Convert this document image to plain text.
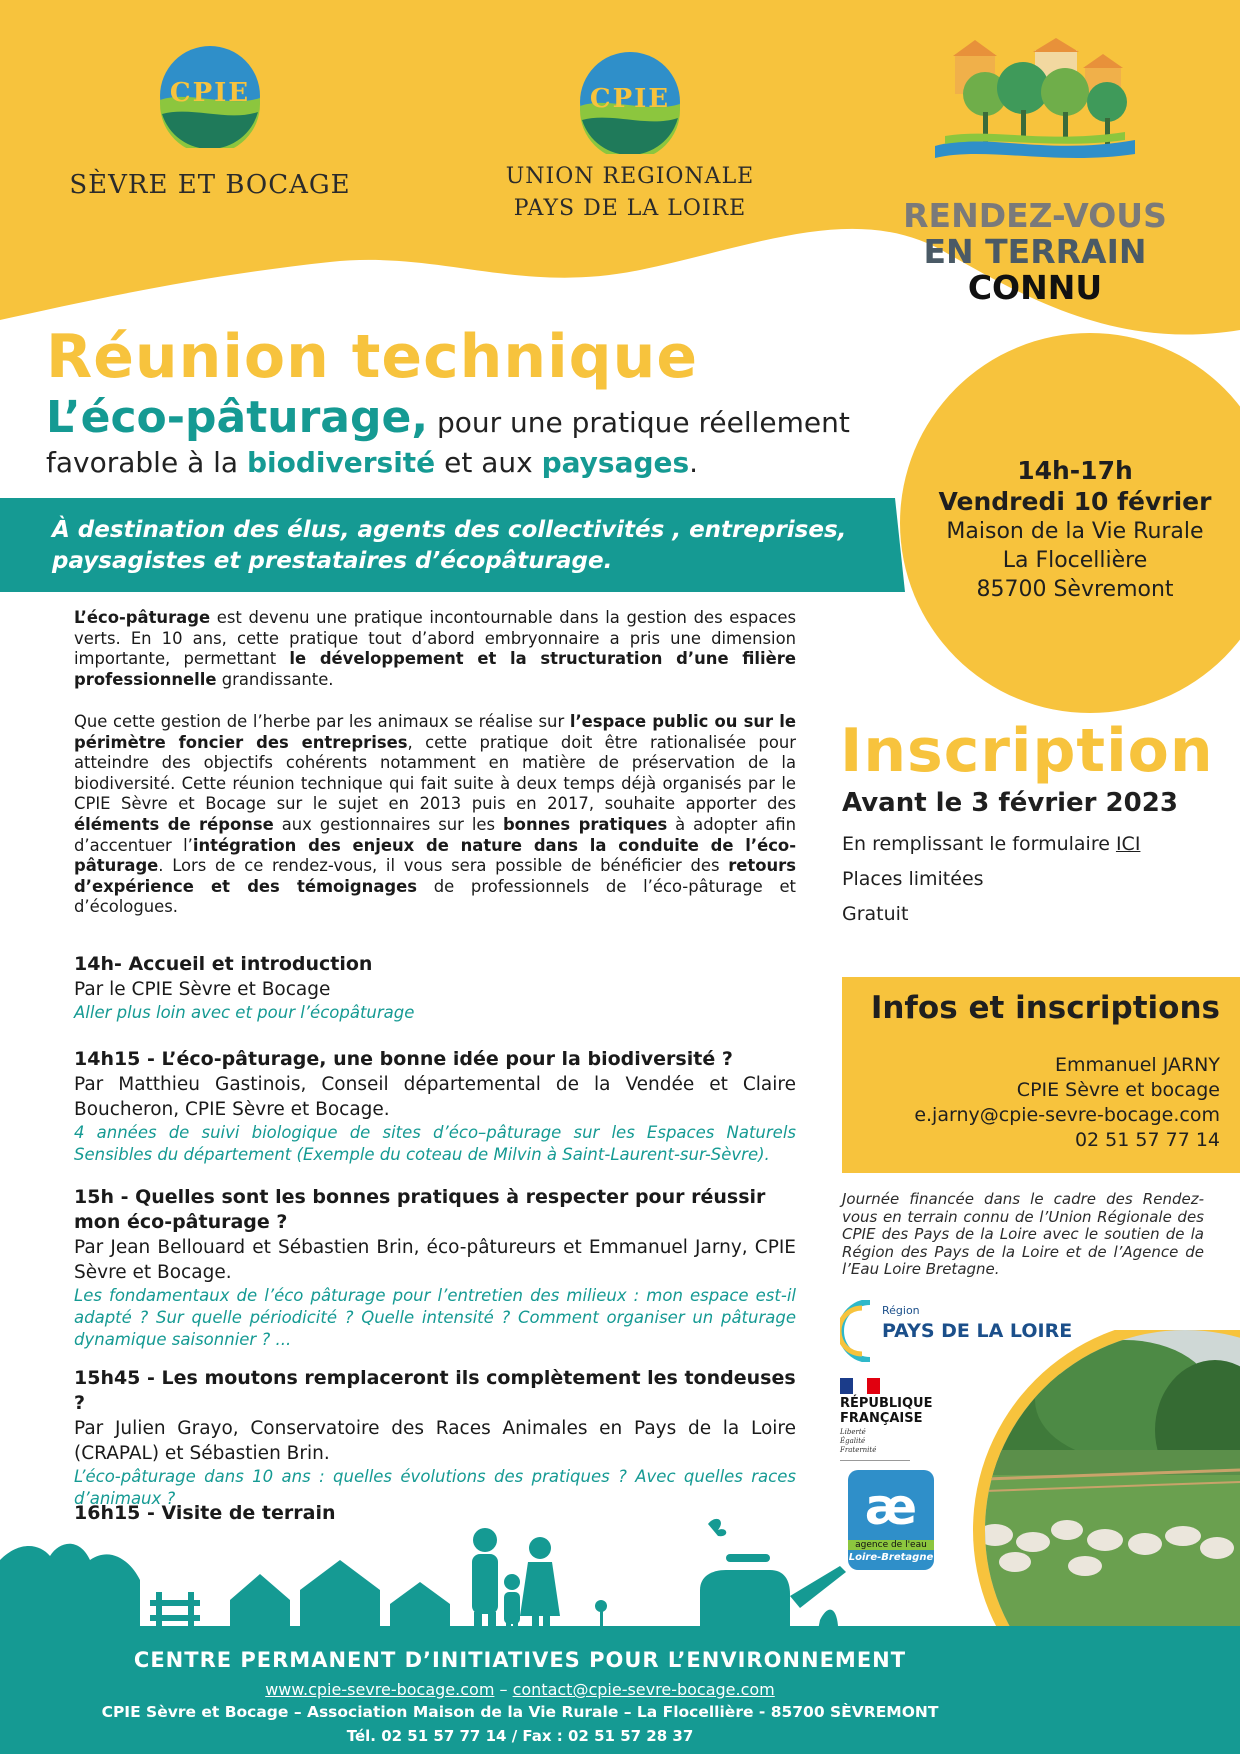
CPIE
SÈVRE ET BOCAGE
CPIE
UNION REGIONALE
PAYS DE LA LOIRE	RENDEZ-VOUS
EN TERRAIN
CONNU
Réunion technique
L’éco-pâturage, pour une pratique réellement
favorable à la biodiversité et aux paysages.	14h-17h
Vendredi 10 février
Maison de la Vie Rurale
La Flocellière
85700 Sèvremont
À destination des élus, agents des collectivités , entreprises,
paysagistes et prestataires d’écopâturage.
L’éco-pâturage est devenu une pratique incontournable dans la gestion des espaces verts. En 10 ans, cette pratique tout d’abord embryonnaire a pris une dimension importante, permettant le développement et la structuration d’une filière professionnelle grandissante.
Que cette gestion de l’herbe par les animaux se réalise sur l’espace public ou sur le périmètre foncier des entreprises, cette pratique doit être rationalisée pour atteindre des objectifs cohérents notamment en matière de préservation de la biodiversité. Cette réunion technique qui fait suite à deux temps déjà organisés par le CPIE Sèvre et Bocage sur le sujet en 2013 puis en 2017, souhaite apporter des éléments de réponse aux gestionnaires sur les bonnes pratiques à adopter afin d’accentuer l’intégration des enjeux de nature dans la conduite de l’éco-pâturage. Lors de ce rendez-vous, il vous sera possible de bénéficier des retours d’expérience et des témoignages de professionnels de l’éco-pâturage et d’écologues.
14h- Accueil et introduction
Par le CPIE Sèvre et Bocage
Aller plus loin avec et pour l’écopâturage
14h15 - L’éco-pâturage, une bonne idée pour la biodiversité ?
Par Matthieu Gastinois, Conseil départemental de la Vendée et Claire Boucheron, CPIE Sèvre et Bocage.
4 années de suivi biologique de sites d’éco–pâturage sur les Espaces Naturels Sensibles du département (Exemple du coteau de Milvin à Saint-Laurent-sur-Sèvre).
15h - Quelles sont les bonnes pratiques à respecter pour réussir mon éco-pâturage ?
Par Jean Bellouard et Sébastien Brin, éco-pâtureurs et Emmanuel Jarny, CPIE Sèvre et Bocage.
Les fondamentaux de l’éco pâturage pour l’entretien des milieux : mon espace est-il adapté ? Sur quelle périodicité ? Quelle intensité ? Comment organiser un pâturage dynamique saisonnier ? ...
15h45 - Les moutons remplaceront ils complètement les tondeuses ?
Par Julien Grayo, Conservatoire des Races Animales en Pays de la Loire (CRAPAL) et Sébastien Brin.
L’éco-pâturage dans 10 ans : quelles évolutions des pratiques ? Avec quelles races d’animaux ?
16h15 - Visite de terrain
Inscription
Avant le 3 février 2023
En remplissant le formulaire ICI
Places limitées
Gratuit
Infos et inscriptions
Emmanuel JARNY
CPIE Sèvre et bocage
e.jarny@cpie-sevre-bocage.com
02 51 57 77 14
Journée financée dans le cadre des Rendez-vous en terrain connu de l’Union Régionale des CPIE des Pays de la Loire avec le soutien de la Région des Pays de la Loire et de l’Agence de l’Eau Loire Bretagne.
Région
PAYS DE LA LOIRE
RÉPUBLIQUE
FRANÇAISE
Liberté
Égalité
Fraternité
æ
agence de l'eau
Loire-Bretagne
CENTRE PERMANENT D’INITIATIVES POUR L’ENVIRONNEMENT
www.cpie-sevre-bocage.com – contact@cpie-sevre-bocage.com
CPIE Sèvre et Bocage – Association Maison de la Vie Rurale – La Flocellière - 85700 SÈVREMONT
Tél. 02 51 57 77 14 / Fax : 02 51 57 28 37
